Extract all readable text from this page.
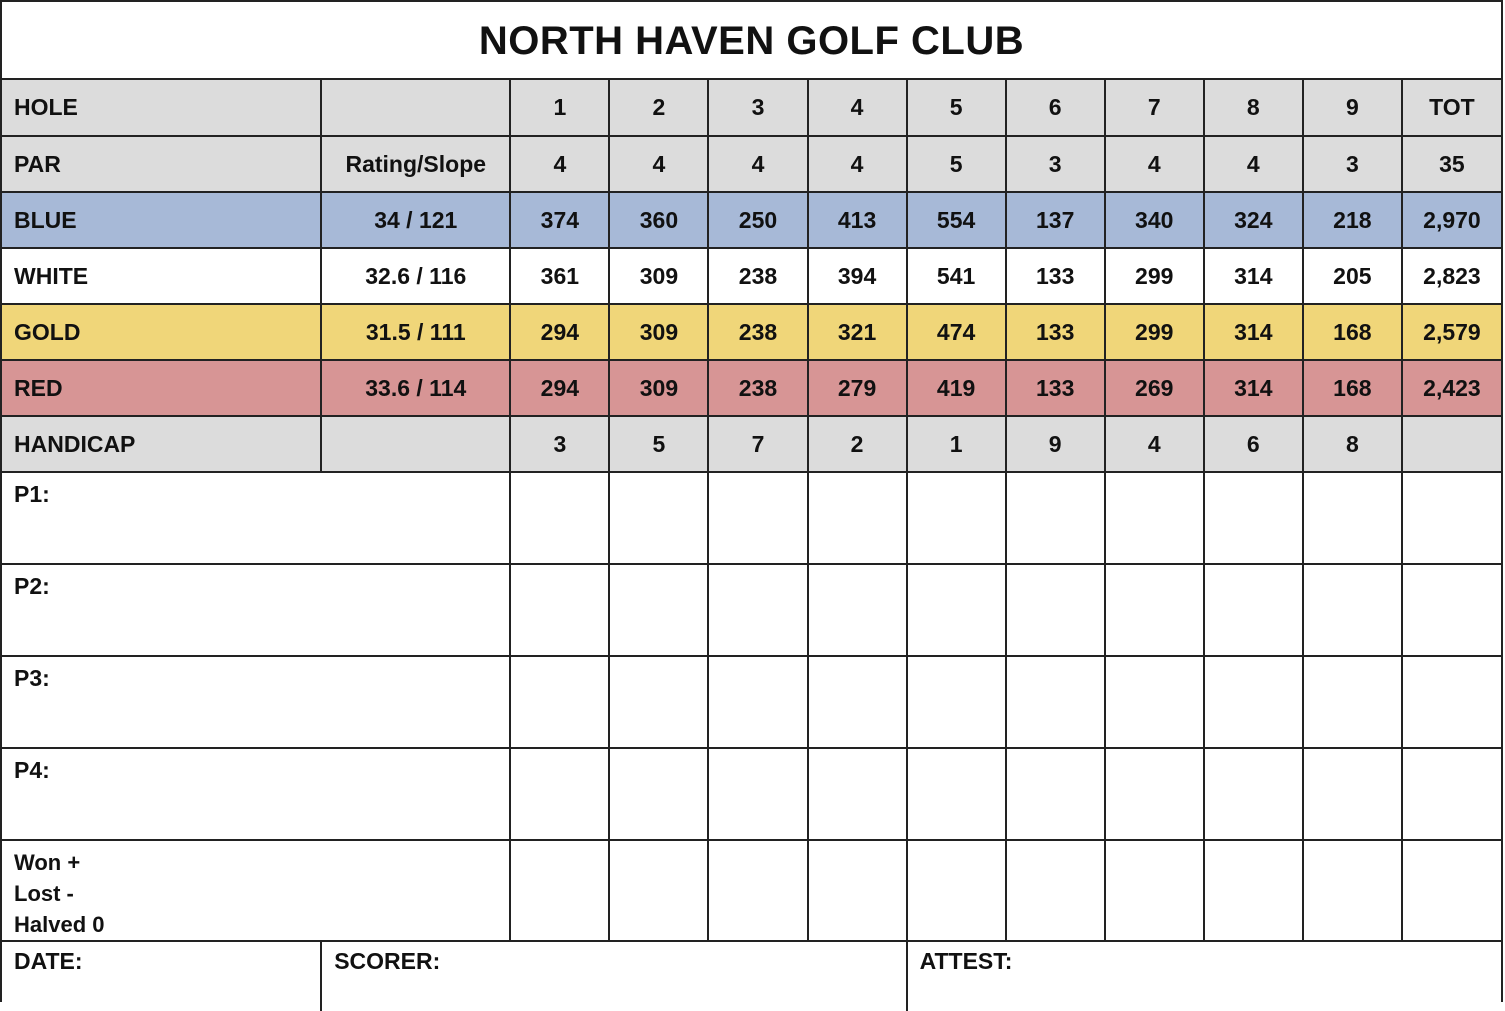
NORTH HAVEN GOLF CLUB
HOLE		1	2	3	4	5	6	7	8	9	TOT
PAR	Rating/Slope	4	4	4	4	5	3	4	4	3	35
BLUE	34 / 121	374	360	250	413	554	137	340	324	218	2,970
WHITE	32.6 / 116	361	309	238	394	541	133	299	314	205	2,823
GOLD	31.5 / 111	294	309	238	321	474	133	299	314	168	2,579
RED	33.6 / 114	294	309	238	279	419	133	269	314	168	2,423
HANDICAP		3	5	7	2	1	9	4	6	8	
P1:											
P2:											
P3:											
P4:											

Won +
Lost -
Halved 0											

DATE:	SCORER:					ATTEST:					
